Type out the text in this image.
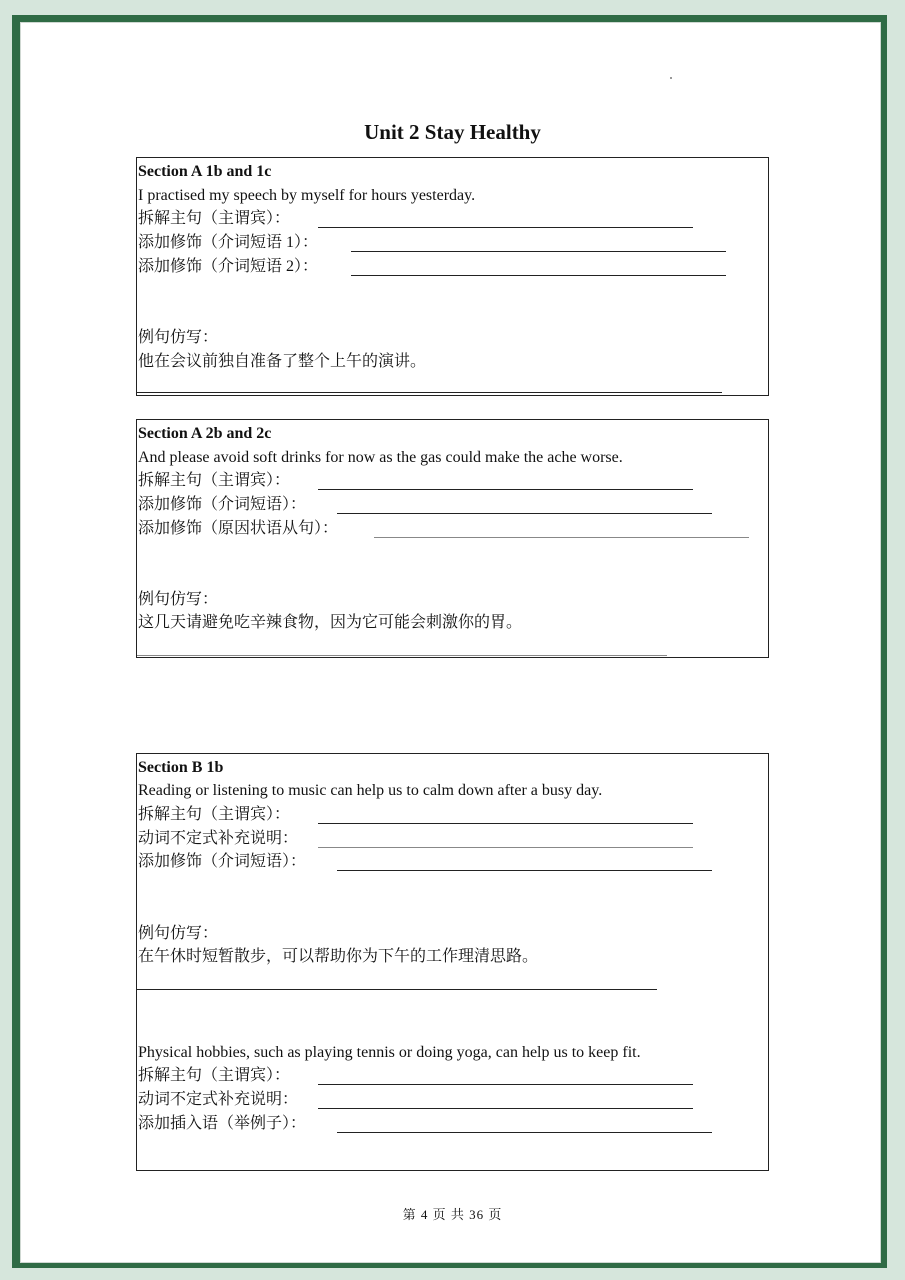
Unit 2 Stay Healthy
Section A 1b and 1c
I practised my speech by myself for hours yesterday.
拆解主句（主谓宾）：
添加修饰（介词短语 1）：
添加修饰（介词短语 2）：
例句仿写：
他在会议前独自准备了整个上午的演讲。
Section A 2b and 2c
And please avoid soft drinks for now as the gas could make the ache worse.
拆解主句（主谓宾）：
添加修饰（介词短语）：
添加修饰（原因状语从句）：
例句仿写：
这几天请避免吃辛辣食物，因为它可能会刺激你的胃。
Section B 1b
Reading or listening to music can help us to calm down after a busy day.
拆解主句（主谓宾）：
动词不定式补充说明：
添加修饰（介词短语）：
例句仿写：
在午休时短暂散步，可以帮助你为下午的工作理清思路。
Physical hobbies, such as playing tennis or doing yoga, can help us to keep fit.
拆解主句（主谓宾）：
动词不定式补充说明：
添加插入语（举例子）：
第 4 页 共 36 页
